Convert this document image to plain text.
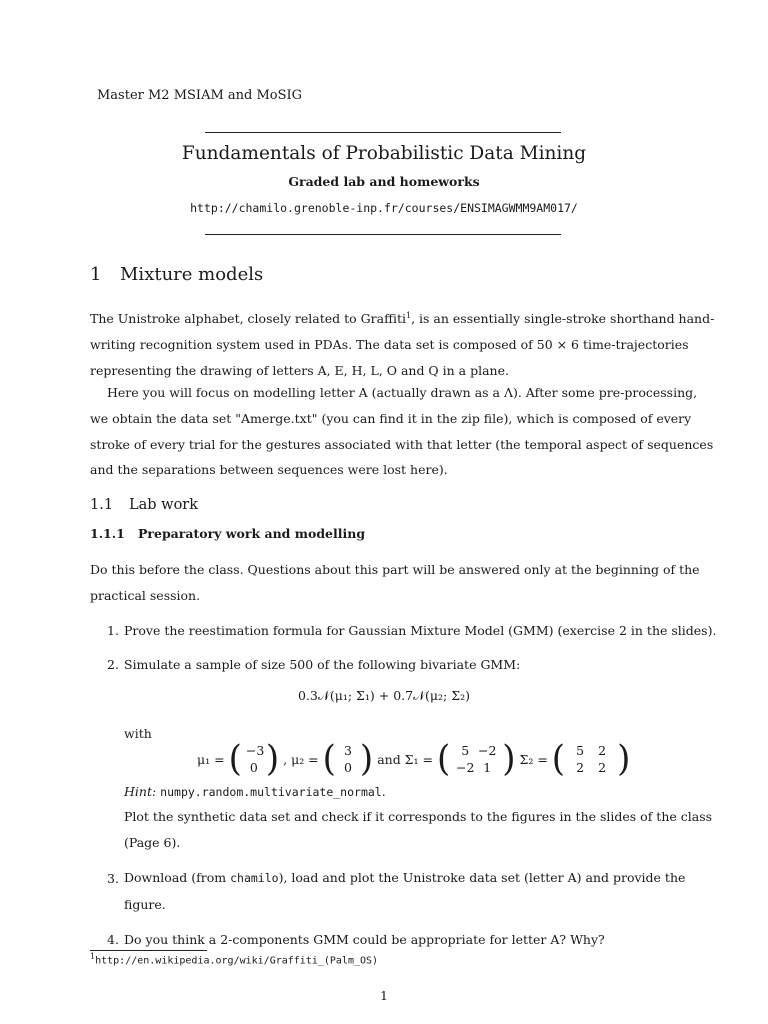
Master M2 MSIAM and MoSIG
Fundamentals of Probabilistic Data Mining
Graded lab and homeworks
http://chamilo.grenoble-inp.fr/courses/ENSIMAGWMM9AM017/
1 Mixture models
The Unistroke alphabet, closely related to Graffiti$^1$, is an essentially single-stroke shorthand hand-
writing recognition system used in PDAs. The data set is composed of 50 × 6 time-trajectories
representing the drawing of letters A, E, H, L, O and Q in a plane.
Here you will focus on modelling letter A (actually drawn as a Λ). After some pre-processing,
we obtain the data set "Amerge.txt" (you can find it in the zip file), which is composed of every
stroke of every trial for the gestures associated with that letter (the temporal aspect of sequences
and the separations between sequences were lost here).
1.1 Lab work
1.1.1 Preparatory work and modelling
Do this before the class. Questions about this part will be answered only at the beginning of the
practical session.
1. Prove the reestimation formula for Gaussian Mixture Model (GMM) (exercise 2 in the slides).
2. Simulate a sample of size 500 of the following bivariate GMM:
0.3𝒩(μ₁; Σ₁) + 0.7𝒩(μ₂; Σ₂)
with
μ₁ = ( −3
0 ) , μ₂ = ( 3
0 ) and Σ₁ = ( 5 −2
−2 1 ) Σ₂ = ( 5	2
2	2 )
Hint: numpy.random.multivariate_normal.
Plot the synthetic data set and check if it corresponds to the figures in the slides of the class
(Page 6).
3. Download (from chamilo), load and plot the Unistroke data set (letter A) and provide the
figure.
4. Do you think a 2-components GMM could be appropriate for letter A? Why?
$^1$http://en.wikipedia.org/wiki/Graffiti_(Palm_OS)
1
